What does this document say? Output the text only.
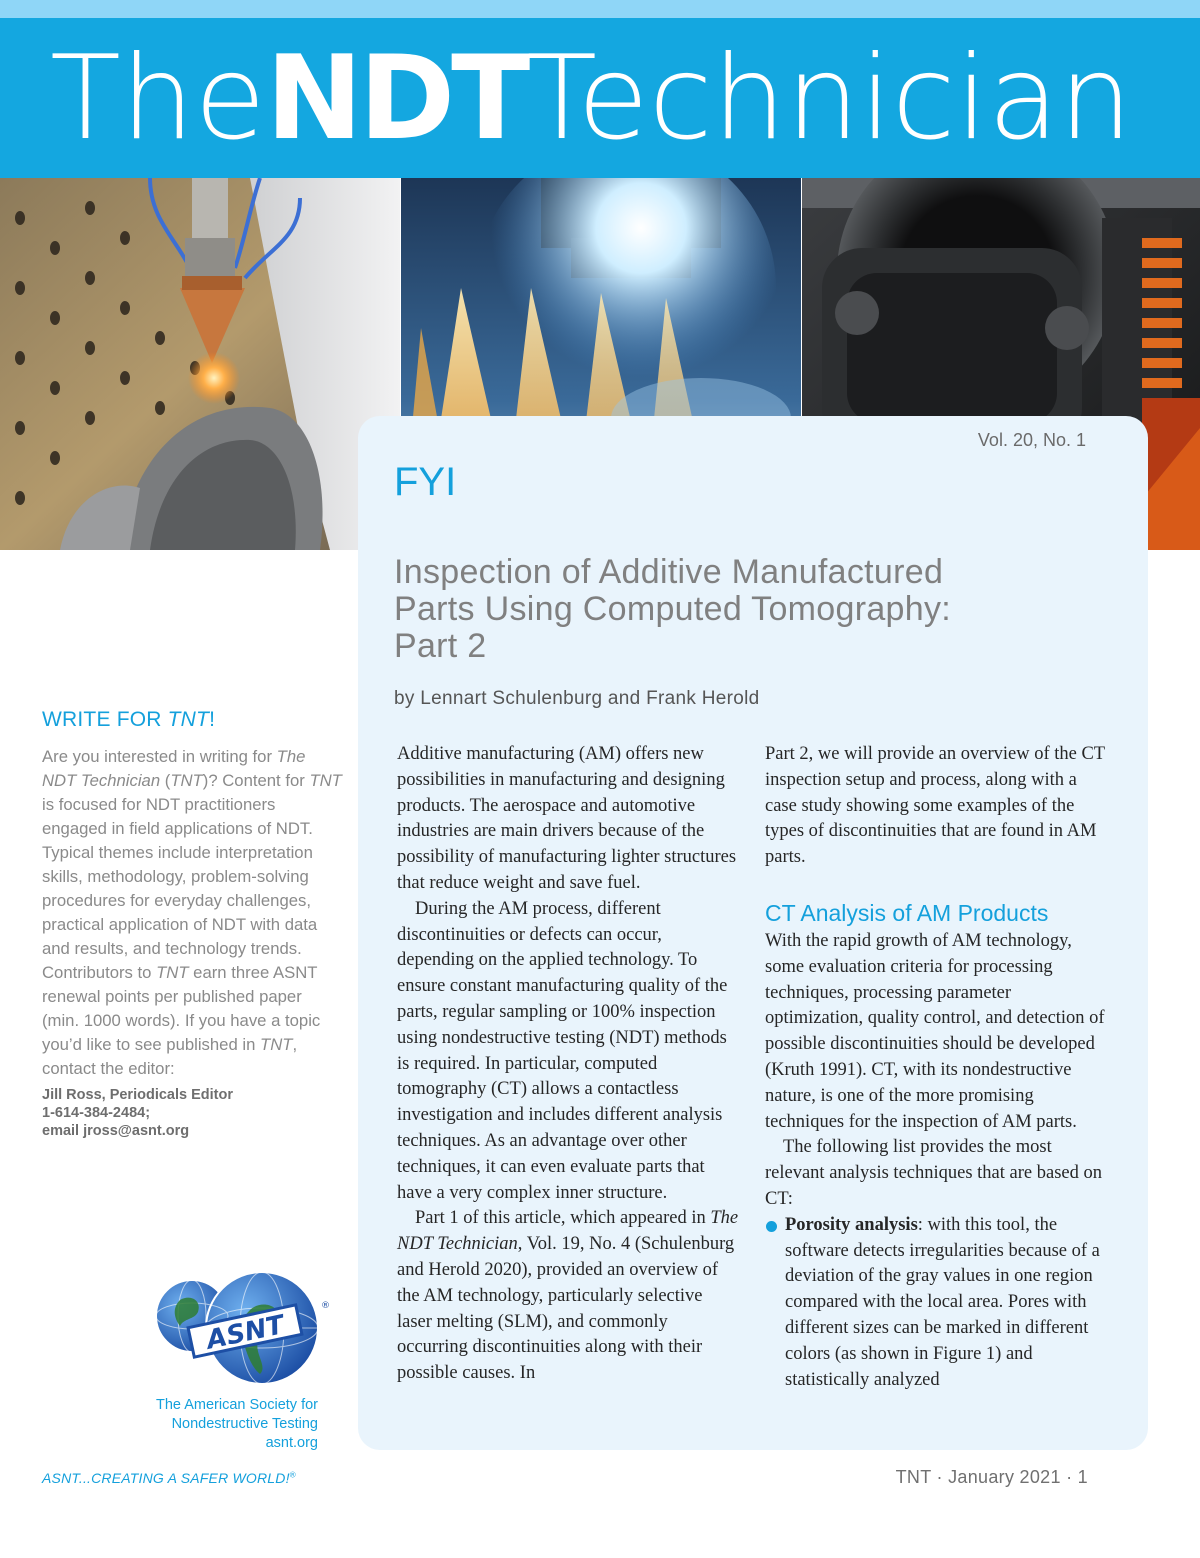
TheNDTTechnician
Vol. 20, No. 1
FYI
Inspection of Additive Manufactured
Parts Using Computed Tomography:
Part 2
by Lennart Schulenburg and Frank Herold

Additive manufacturing (AM) offers new possibilities in manufacturing and designing products. The aerospace and automotive industries are main drivers because of the possibility of manufacturing lighter structures that reduce weight and save fuel.

During the AM process, different discontinuities or defects can occur, depending on the applied technology. To ensure constant manufacturing quality of the parts, regular sampling or 100% inspection using nondestructive testing (NDT) methods is required. In particular, computed tomography (CT) allows a contactless investigation and includes different analysis techniques. As an advantage over other techniques, it can even evaluate parts that have a very complex inner structure.

Part 1 of this article, which appeared in The NDT Technician, Vol. 19, No. 4 (Schulenburg and Herold 2020), provided an overview of the AM technology, particularly selective laser melting (SLM), and commonly occurring discontinuities along with their possible causes. In

Part 2, we will provide an overview of the CT inspection setup and process, along with a case study showing some examples of the types of discontinuities that are found in AM parts.

CT Analysis of AM Products

With the rapid growth of AM technology, some evaluation criteria for processing techniques, processing parameter optimization, quality control, and detection of possible discontinuities should be developed (Kruth 1991). CT, with its nondestructive nature, is one of the more promising techniques for the inspection of AM parts.

The following list provides the most relevant analysis techniques that are based on CT:

Porosity analysis: with this tool, the software detects irregularities because of a deviation of the gray values in one region compared with the local area. Pores with different sizes can be marked in different colors (as shown in Figure 1) and statistically analyzed

WRITE FOR TNT!
Are you interested in writing for The NDT Technician (TNT)? Content for TNT is focused for NDT practitioners engaged in field applications of NDT. Typical themes include interpretation skills, methodology, problem-solving procedures for everyday challenges, practical application of NDT with data and results, and technology trends. Contributors to TNT earn three ASNT renewal points per published paper (min. 1000 words). If you have a topic you’d like to see published in TNT, contact the editor:
Jill Ross, Periodicals Editor
1-614-384-2484;
email jross@asnt.org
ASNT
®
The American Society for
Nondestructive Testing
asnt.org
ASNT...CREATING A SAFER WORLD!®	TNT · January 2021 · 1
